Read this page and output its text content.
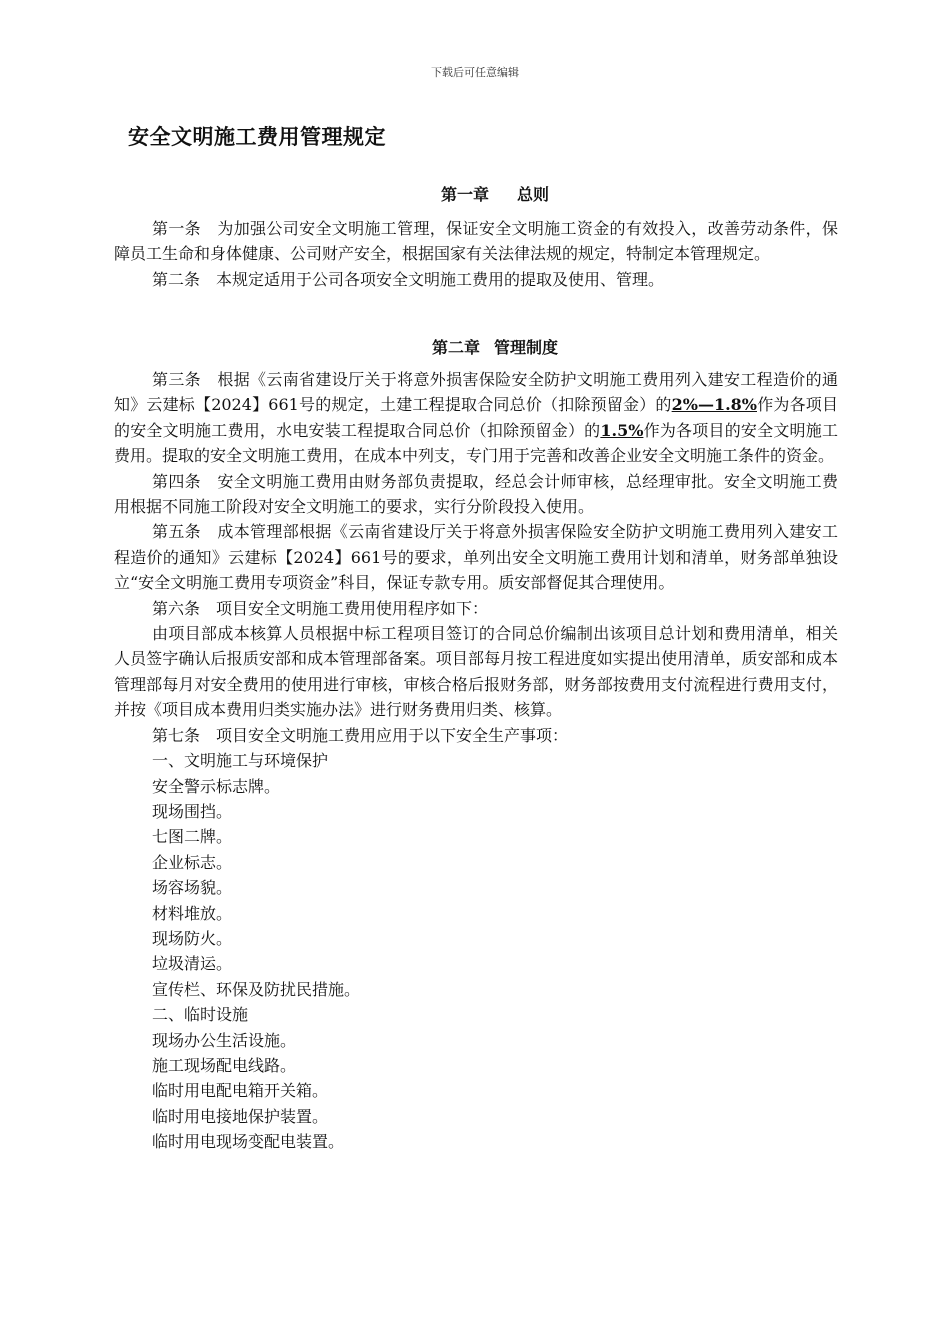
下载后可任意编辑
安全文明施工费用管理规定
第一章 总则

第一条　为加强公司安全文明施工管理，保证安全文明施工资金的有效投入，改善劳动条件，保障员工生命和身体健康、公司财产安全，根据国家有关法律法规的规定，特制定本管理规定。

第二条　本规定适用于公司各项安全文明施工费用的提取及使用、管理。

第二章 管理制度

第三条　根据《云南省建设厅关于将意外损害保险安全防护文明施工费用列入建安工程造价的通知》云建标【2024】661号的规定，土建工程提取合同总价（扣除预留金）的2%—1.8%作为各项目的安全文明施工费用，水电安装工程提取合同总价（扣除预留金）的1.5%作为各项目的安全文明施工费用。提取的安全文明施工费用，在成本中列支，专门用于完善和改善企业安全文明施工条件的资金。

第四条　安全文明施工费用由财务部负责提取，经总会计师审核，总经理审批。安全文明施工费用根据不同施工阶段对安全文明施工的要求，实行分阶段投入使用。

第五条　成本管理部根据《云南省建设厅关于将意外损害保险安全防护文明施工费用列入建安工程造价的通知》云建标【2024】661号的要求，单列出安全文明施工费用计划和清单，财务部单独设立“安全文明施工费用专项资金”科目，保证专款专用。质安部督促其合理使用。

第六条　项目安全文明施工费用使用程序如下：

由项目部成本核算人员根据中标工程项目签订的合同总价编制出该项目总计划和费用清单，相关人员签字确认后报质安部和成本管理部备案。项目部每月按工程进度如实提出使用清单，质安部和成本管理部每月对安全费用的使用进行审核，审核合格后报财务部，财务部按费用支付流程进行费用支付，并按《项目成本费用归类实施办法》进行财务费用归类、核算。

第七条　项目安全文明施工费用应用于以下安全生产事项：

一、文明施工与环境保护

安全警示标志牌。

现场围挡。

七图二牌。

企业标志。

场容场貌。

材料堆放。

现场防火。

垃圾清运。

宣传栏、环保及防扰民措施。

二、临时设施

现场办公生活设施。

施工现场配电线路。

临时用电配电箱开关箱。

临时用电接地保护装置。

临时用电现场变配电装置。
